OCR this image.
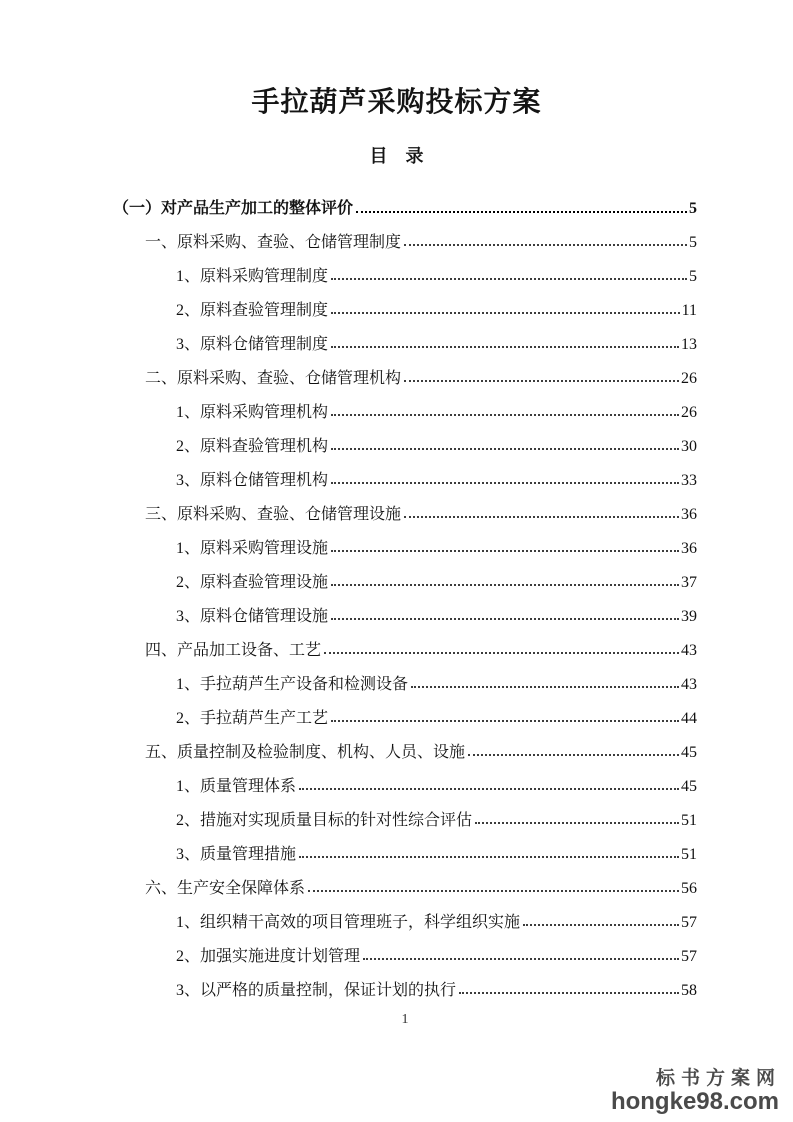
手拉葫芦采购投标方案
目　录
（一）对产品生产加工的整体评价	5
一、原料采购、查验、仓储管理制度	5
1、原料采购管理制度	5
2、原料查验管理制度	11
3、原料仓储管理制度	13
二、原料采购、查验、仓储管理机构	26
1、原料采购管理机构	26
2、原料查验管理机构	30
3、原料仓储管理机构	33
三、原料采购、查验、仓储管理设施	36
1、原料采购管理设施	36
2、原料查验管理设施	37
3、原料仓储管理设施	39
四、产品加工设备、工艺	43
1、手拉葫芦生产设备和检测设备	43
2、手拉葫芦生产工艺	44
五、质量控制及检验制度、机构、人员、设施	45
1、质量管理体系	45
2、措施对实现质量目标的针对性综合评估	51
3、质量管理措施	51
六、生产安全保障体系	56
1、组织精干高效的项目管理班子，科学组织实施	57
2、加强实施进度计划管理	57
3、以严格的质量控制，保证计划的执行	58
1
标书方案网
hongke98.com
